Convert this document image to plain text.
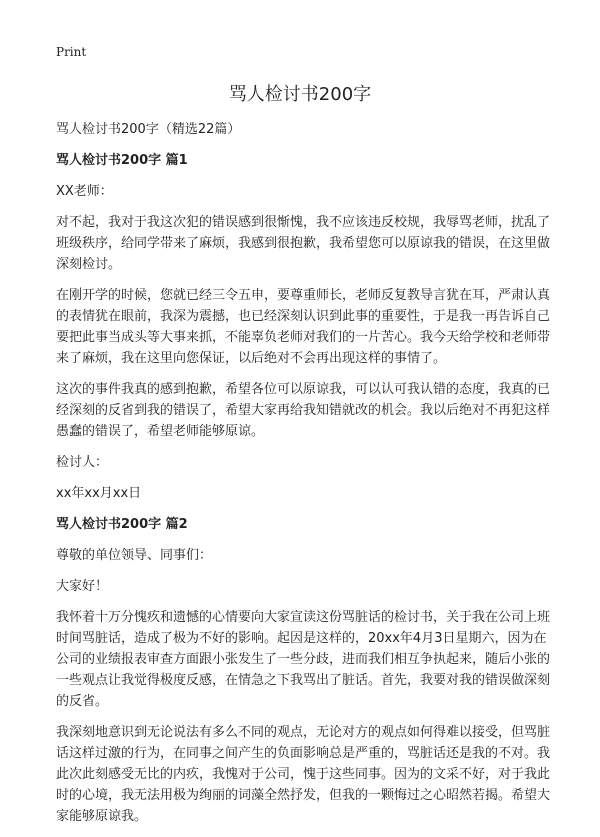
Print
骂人检讨书200字

骂人检讨书200字（精选22篇）

骂人检讨书200字 篇1

XX老师：

对不起，我对于我这次犯的错误感到很惭愧，我不应该违反校规，我辱骂老师，扰乱了班级秩序，给同学带来了麻烦，我感到很抱歉，我希望您可以原谅我的错误，在这里做深刻检讨。

在刚开学的时候，您就已经三令五申，要尊重师长，老师反复教导言犹在耳，严肃认真的表情犹在眼前，我深为震撼，也已经深刻认识到此事的重要性，于是我一再告诉自己要把此事当成头等大事来抓，不能辜负老师对我们的一片苦心。我今天给学校和老师带来了麻烦，我在这里向您保证，以后绝对不会再出现这样的事情了。

这次的事件我真的感到抱歉，希望各位可以原谅我，可以认可我认错的态度，我真的已经深刻的反省到我的错误了，希望大家再给我知错就改的机会。我以后绝对不再犯这样愚蠢的错误了，希望老师能够原谅。

检讨人：

xx年xx月xx日

骂人检讨书200字 篇2

尊敬的单位领导、同事们：

大家好！

我怀着十万分愧疚和遗憾的心情要向大家宣读这份骂脏话的检讨书，关于我在公司上班时间骂脏话，造成了极为不好的影响。起因是这样的，20xx年4月3日星期六，因为在公司的业绩报表审查方面跟小张发生了一些分歧，进而我们相互争执起来，随后小张的一些观点让我觉得极度反感，在情急之下我骂出了脏话。首先，我要对我的错误做深刻的反省。

我深刻地意识到无论说法有多么不同的观点，无论对方的观点如何得难以接受，但骂脏话这样过激的行为，在同事之间产生的负面影响总是严重的，骂脏话还是我的不对。我此次此刻感受无比的内疚，我愧对于公司，愧于这些同事。因为的文采不好，对于我此时的心境，我无法用极为绚丽的词藻全然抒发，但我的一颗悔过之心昭然若揭。希望大家能够原谅我。
